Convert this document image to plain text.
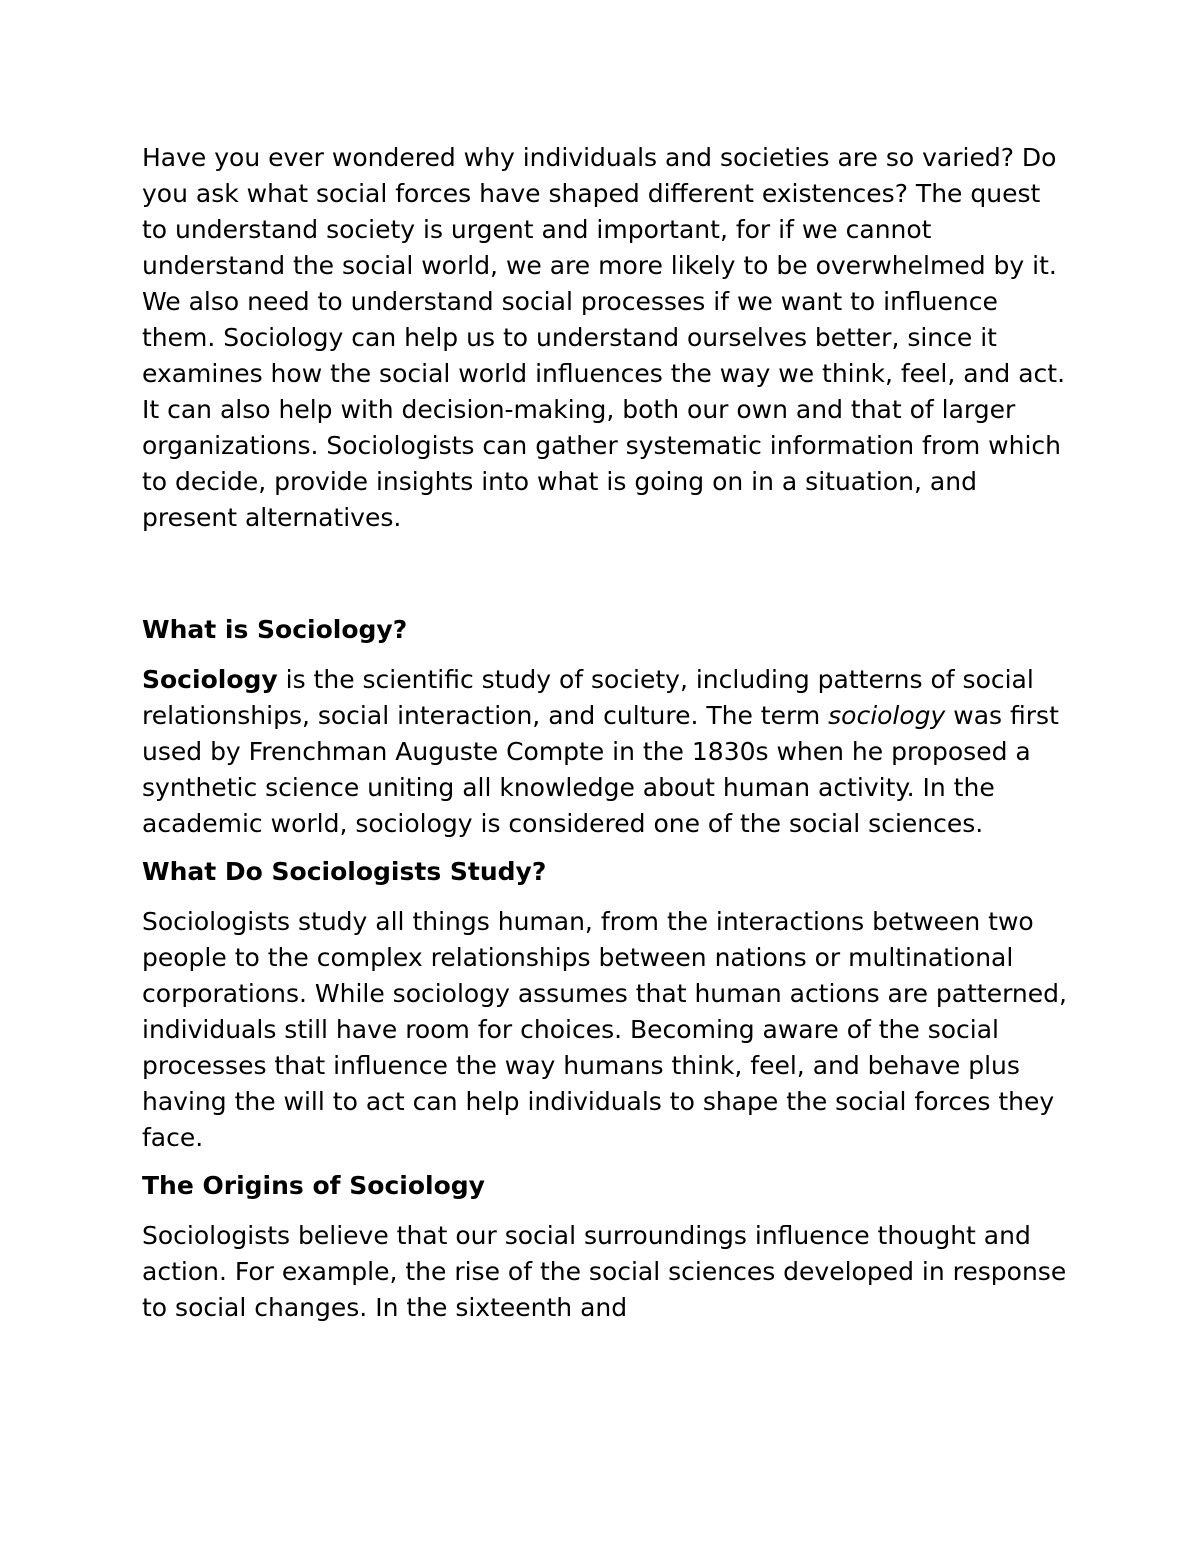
Have you ever wondered why individuals and societies are so varied? Do you ask what social forces have shaped different existences? The quest to understand society is urgent and important, for if we cannot understand the social world, we are more likely to be overwhelmed by it. We also need to understand social processes if we want to influence them. Sociology can help us to understand ourselves better, since it examines how the social world influences the way we think, feel, and act. It can also help with decision-making, both our own and that of larger organizations. Sociologists can gather systematic information from which to decide, provide insights into what is going on in a situation, and present alternatives.

What is Sociology?

Sociology is the scientific study of society, including patterns of social relationships, social interaction, and culture. The term sociology was first used by Frenchman Auguste Compte in the 1830s when he proposed a synthetic science uniting all knowledge about human activity. In the academic world, sociology is considered one of the social sciences.

What Do Sociologists Study?

Sociologists study all things human, from the interactions between two people to the complex relationships between nations or multinational corporations. While sociology assumes that human actions are patterned, individuals still have room for choices. Becoming aware of the social processes that influence the way humans think, feel, and behave plus having the will to act can help individuals to shape the social forces they face.

The Origins of Sociology

Sociologists believe that our social surroundings influence thought and action. For example, the rise of the social sciences developed in response to social changes. In the sixteenth and
